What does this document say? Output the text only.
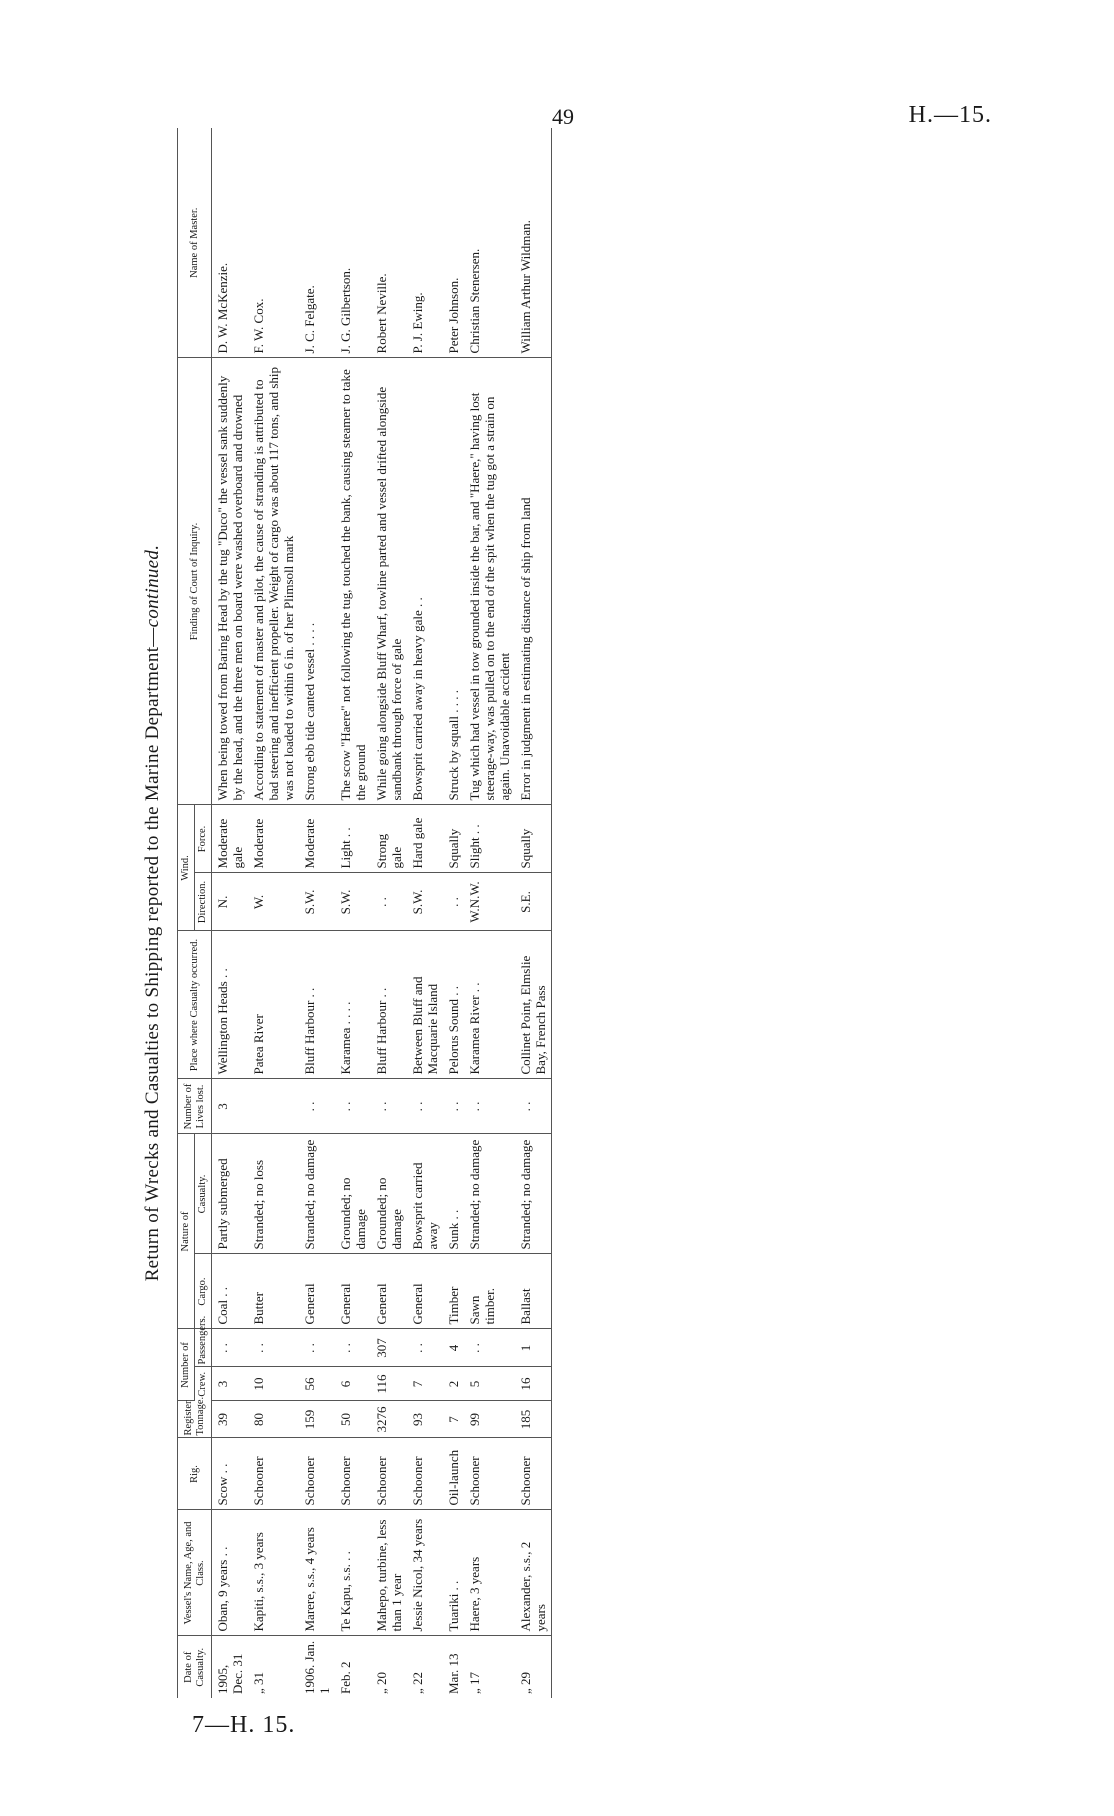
49	H.—15.
Return of Wrecks and Casualties to Shipping reported to the Marine Department—continued.
Date of Casualty.	Vessel's Name, Age, and Class.	Rig.	Register Tonnage.	Number of		Nature of		Number of Lives lost.	Place where Casualty occurred.	Wind.		Finding of Court of Inquiry.	Name of Master.
				Crew.	Passengers.	Cargo.	Casualty.			Direction.	Force.		
1905, Dec. 31	Oban, 9 years . .	Scow . .	39	3	. .	Coal . .	Partly submerged	3	Wellington Heads . .	N.	Moderate gale	When being towed from Baring Head by the tug "Duco" the vessel sank suddenly by the head, and the three men on board were washed overboard and drowned	D. W. McKenzie.
„ 31	Kapiti, s.s., 3 years	Schooner	80	10	. .	Butter	Stranded; no loss		Patea River	W.	Moderate	According to statement of master and pilot, the cause of stranding is attributed to bad steering and inefficient propeller. Weight of cargo was about 117 tons, and ship was not loaded to within 6 in. of her Plimsoll mark	F. W. Cox.
1906. Jan. 1	Marere, s.s., 4 years	Schooner	159	56	. .	General	Stranded; no damage	. .	Bluff Harbour . .	S.W.	Moderate	Strong ebb tide canted vessel . . . .	J. C. Felgate.
Feb. 2	Te Kapu, s.s. . .	Schooner	50	6	. .	General	Grounded; no damage	. .	Karamea . . . .	S.W.	Light . .	The scow "Haere" not following the tug, touched the bank, causing steamer to take the ground	J. G. Gilbertson.
„ 20	Mahepo, turbine, less than 1 year	Schooner	3276	116	307	General	Grounded; no damage	. .	Bluff Harbour . .	. .	Strong gale	While going alongside Bluff Wharf, towline parted and vessel drifted alongside sandbank through force of gale	Robert Neville.
„ 22	Jessie Nicol, 34 years	Schooner	93	7	. .	General	Bowsprit carried away	. .	Between Bluff and Macquarie Island	S.W.	Hard gale	Bowsprit carried away in heavy gale . .	P. J. Ewing.
Mar. 13	Tuariki . .	Oil-launch	7	2	4	Timber	Sunk . .	. .	Pelorus Sound . .	. .	Squally	Struck by squall . . . .	Peter Johnson.
„ 17	Haere, 3 years	Schooner	99	5	. .	Sawn timber.	Stranded; no damage	. .	Karamea River . .	W.N.W.	Slight . .	Tug which had vessel in tow grounded inside the bar, and "Haere," having lost steerage-way, was pulled on to the end of the spit when the tug got a strain on again. Unavoidable accident	Christian Stenersen.
„ 29	Alexander, s.s., 2 years	Schooner	185	16	1	Ballast	Stranded; no damage	. .	Collinet Point, Elmslie Bay, French Pass	S.E.	Squally	Error in judgment in estimating distance of ship from land	William Arthur Wildman.
7—H. 15.
